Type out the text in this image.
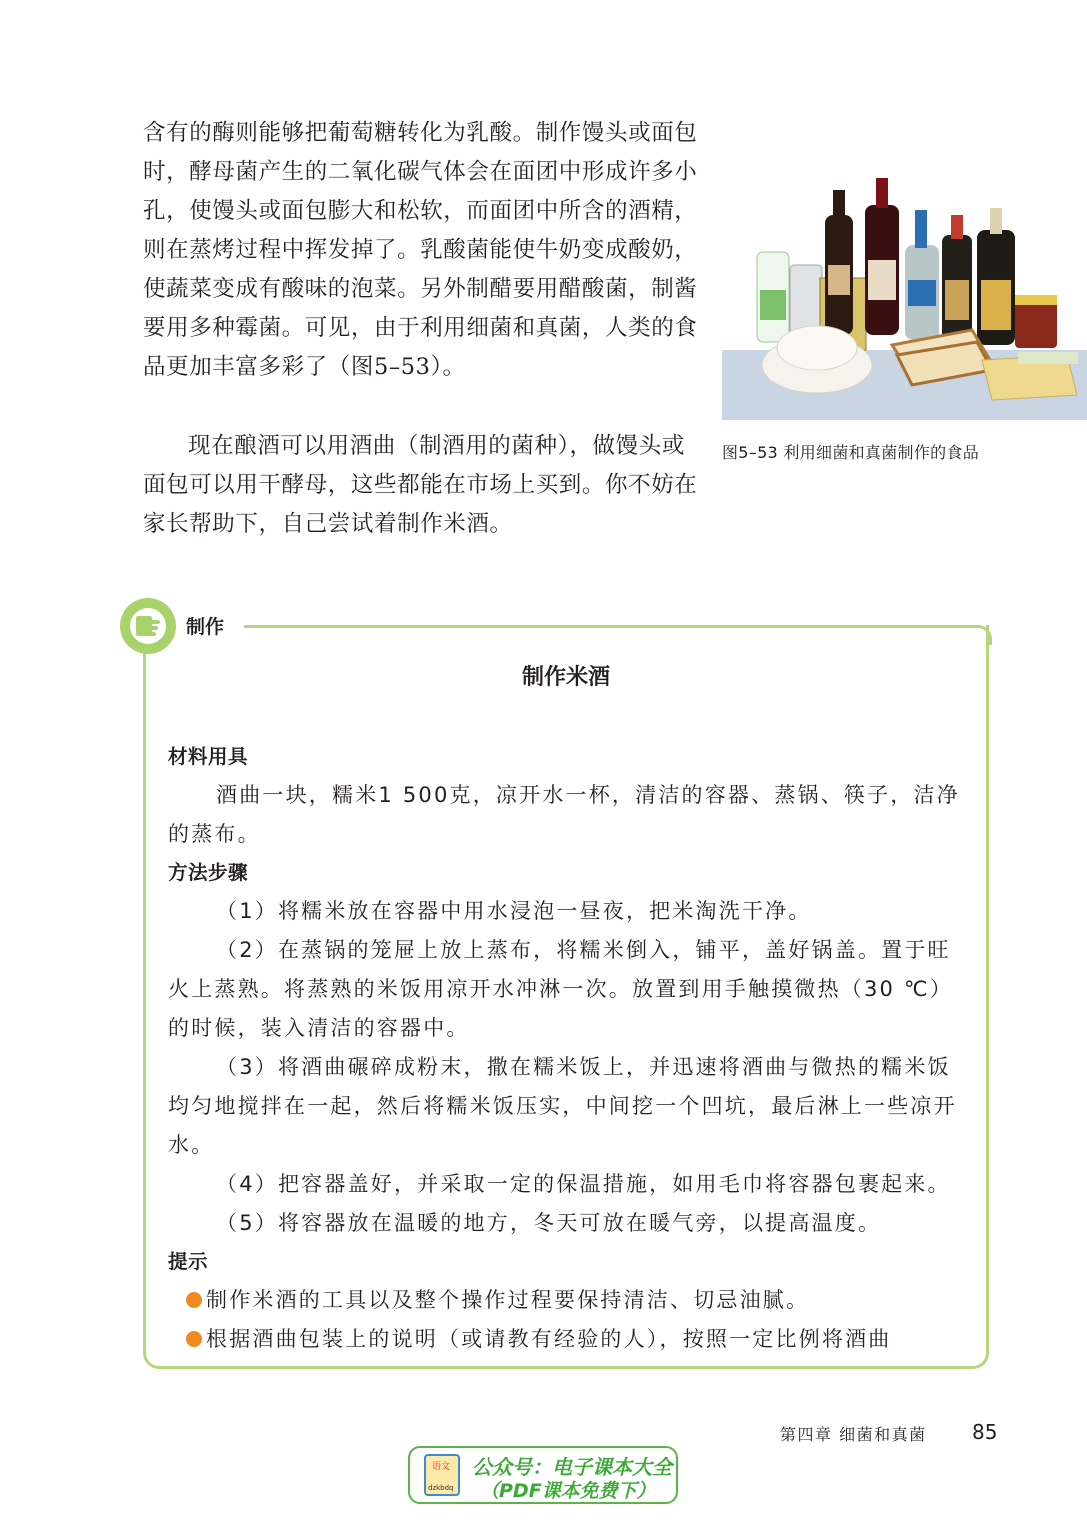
含有的酶则能够把葡萄糖转化为乳酸。制作馒头或面包时，酵母菌产生的二氧化碳气体会在面团中形成许多小孔，使馒头或面包膨大和松软，而面团中所含的酒精，则在蒸烤过程中挥发掉了。乳酸菌能使牛奶变成酸奶，使蔬菜变成有酸味的泡菜。另外制醋要用醋酸菌，制酱要用多种霉菌。可见，由于利用细菌和真菌，人类的食品更加丰富多彩了（图5–53）。

现在酿酒可以用酒曲（制酒用的菌种），做馒头或面包可以用干酵母，这些都能在市场上买到。你不妨在家长帮助下，自己尝试着制作米酒。

图5–53 利用细菌和真菌制作的食品
制作
制作米酒
材料用具

酒曲一块，糯米1 500克，凉开水一杯，清洁的容器、蒸锅、筷子，洁净的蒸布。

方法步骤

（1）将糯米放在容器中用水浸泡一昼夜，把米淘洗干净。

（2）在蒸锅的笼屉上放上蒸布，将糯米倒入，铺平，盖好锅盖。置于旺火上蒸熟。将蒸熟的米饭用凉开水冲淋一次。放置到用手触摸微热（30 ℃）的时候，装入清洁的容器中。

（3）将酒曲碾碎成粉末，撒在糯米饭上，并迅速将酒曲与微热的糯米饭均匀地搅拌在一起，然后将糯米饭压实，中间挖一个凹坑，最后淋上一些凉开水。

（4）把容器盖好，并采取一定的保温措施，如用毛巾将容器包裹起来。

（5）将容器放在温暖的地方，冬天可放在暖气旁，以提高温度。

提示

制作米酒的工具以及整个操作过程要保持清洁、切忌油腻。

根据酒曲包装上的说明（或请教有经验的人），按照一定比例将酒曲

第四章 细菌和真菌 85
语文
dzkbdq
公众号：电子课本大全
（PDF课本免费下）
